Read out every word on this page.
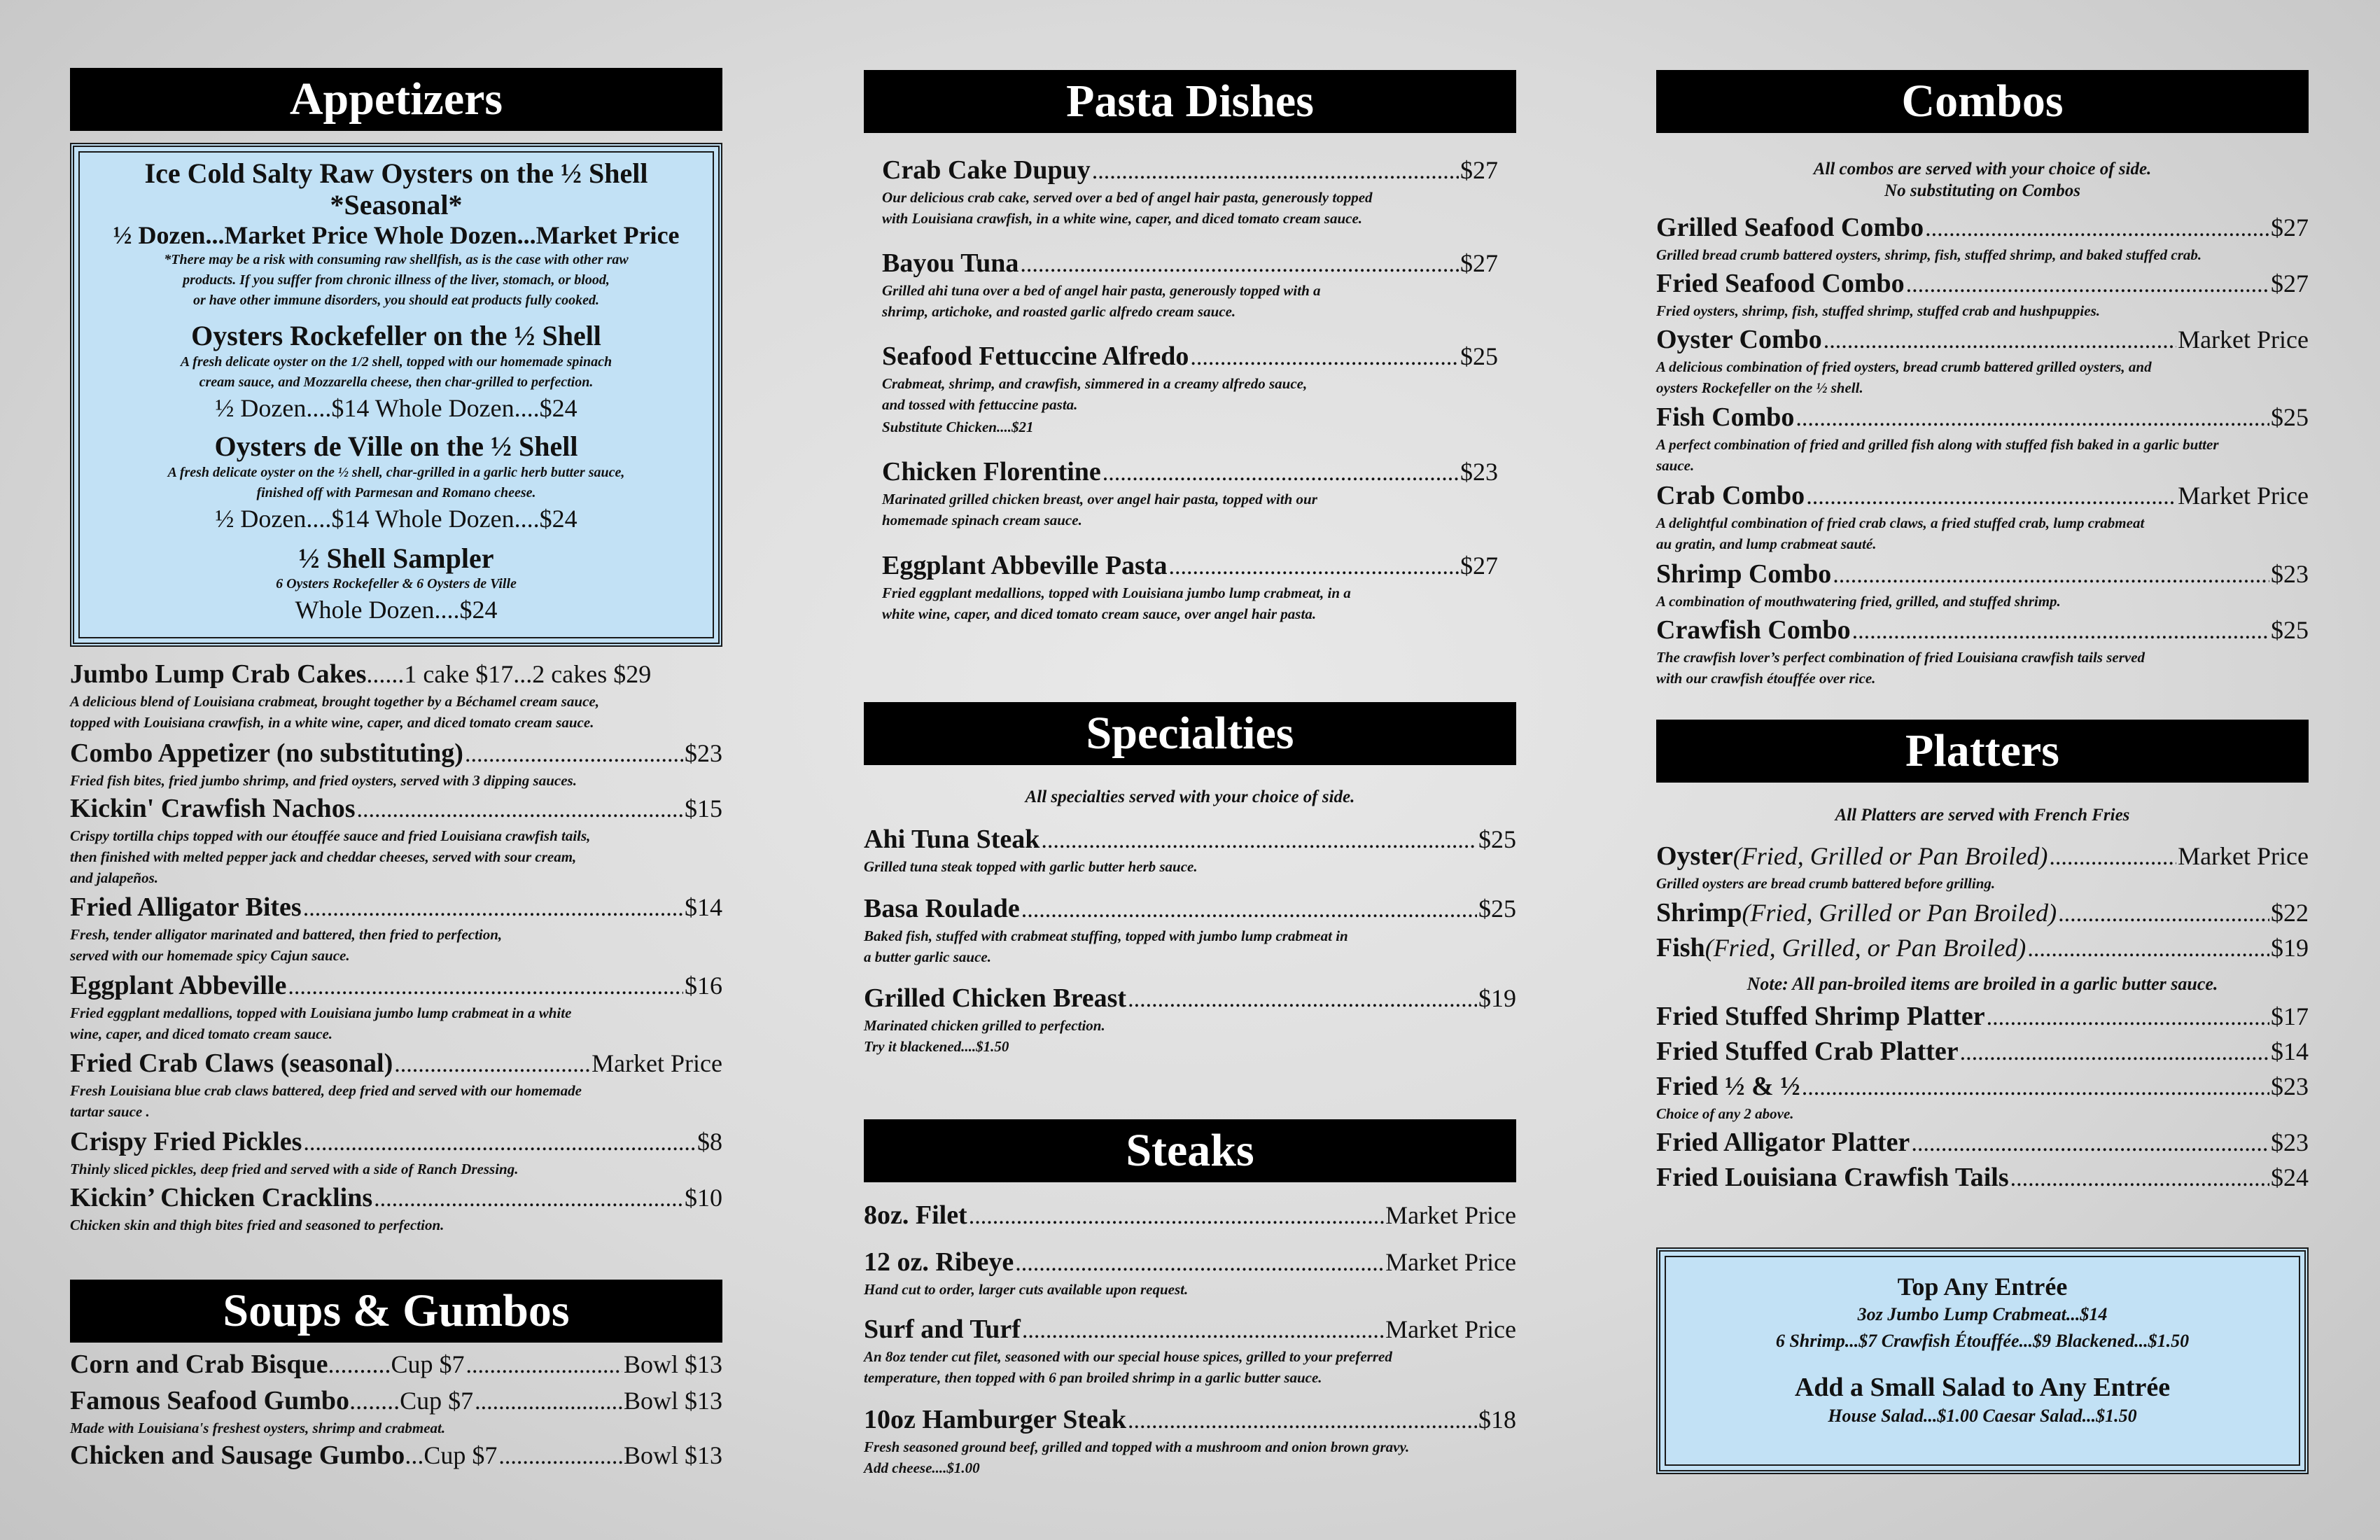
Appetizers
Ice Cold Salty Raw Oysters on the ½ Shell
*Seasonal*
½ Dozen...Market Price Whole Dozen...Market Price
*There may be a risk with consuming raw shellfish, as is the case with other raw
products. If you suffer from chronic illness of the liver, stomach, or blood,
or have other immune disorders, you should eat products fully cooked.
Oysters Rockefeller on the ½ Shell
A fresh delicate oyster on the 1/2 shell, topped with our homemade spinach
cream sauce, and Mozzarella cheese, then char-grilled to perfection.
½ Dozen....$14 Whole Dozen....$24
Oysters de Ville on the ½ Shell
A fresh delicate oyster on the ½ shell, char-grilled in a garlic herb butter sauce,
finished off with Parmesan and Romano cheese.
½ Dozen....$14 Whole Dozen....$24
½ Shell Sampler
6 Oysters Rockefeller & 6 Oysters de Ville
Whole Dozen....$24
Jumbo Lump Crab Cakes ......1 cake $17...2 cakes $29
A delicious blend of Louisiana crabmeat, brought together by a Béchamel cream sauce,
topped with Louisiana crawfish, in a white wine, caper, and diced tomato cream sauce.
Combo Appetizer (no substituting) .....	$23
Fried fish bites, fried jumbo shrimp, and fried oysters, served with 3 dipping sauces.
Kickin' Crawfish Nachos .....	$15
Crispy tortilla chips topped with our étouffée sauce and fried Louisiana crawfish tails,
then finished with melted pepper jack and cheddar cheeses, served with sour cream,
and jalapeños.
Fried Alligator Bites .....	$14
Fresh, tender alligator marinated and battered, then fried to perfection,
served with our homemade spicy Cajun sauce.
Eggplant Abbeville .....	$16
Fried eggplant medallions, topped with Louisiana jumbo lump crabmeat in a white
wine, caper, and diced tomato cream sauce.
Fried Crab Claws (seasonal) .....	Market Price
Fresh Louisiana blue crab claws battered, deep fried and served with our homemade
tartar sauce .
Crispy Fried Pickles .....	$8
Thinly sliced pickles, deep fried and served with a side of Ranch Dressing.
Kickin’ Chicken Cracklins .....	$10
Chicken skin and thigh bites fried and seasoned to perfection.
Soups & Gumbos
Corn and Crab Bisque ..........Cup $7 .....	Bowl $13
Famous Seafood Gumbo ........Cup $7 .....	Bowl $13
Made with Louisiana's freshest oysters, shrimp and crabmeat.
Chicken and Sausage Gumbo ...Cup $7 .....	Bowl $13
Pasta Dishes
Crab Cake Dupuy .....	$27
Our delicious crab cake, served over a bed of angel hair pasta, generously topped
with Louisiana crawfish, in a white wine, caper, and diced tomato cream sauce.
Bayou Tuna .....	$27
Grilled ahi tuna over a bed of angel hair pasta, generously topped with a
shrimp, artichoke, and roasted garlic alfredo cream sauce.
Seafood Fettuccine Alfredo .....	$25
Crabmeat, shrimp, and crawfish, simmered in a creamy alfredo sauce,
and tossed with fettuccine pasta.
Substitute Chicken....$21
Chicken Florentine .....	$23
Marinated grilled chicken breast, over angel hair pasta, topped with our
homemade spinach cream sauce.
Eggplant Abbeville Pasta .....	$27
Fried eggplant medallions, topped with Louisiana jumbo lump crabmeat, in a
white wine, caper, and diced tomato cream sauce, over angel hair pasta.
Specialties
All specialties served with your choice of side.
Ahi Tuna Steak .....	$25
Grilled tuna steak topped with garlic butter herb sauce.
Basa Roulade .....	$25
Baked fish, stuffed with crabmeat stuffing, topped with jumbo lump crabmeat in
a butter garlic sauce.
Grilled Chicken Breast .....	$19
Marinated chicken grilled to perfection.
Try it blackened....$1.50
Steaks
8oz. Filet .....	Market Price
12 oz. Ribeye .....	Market Price
Hand cut to order, larger cuts available upon request.
Surf and Turf .....	Market Price
An 8oz tender cut filet, seasoned with our special house spices, grilled to your preferred
temperature, then topped with 6 pan broiled shrimp in a garlic butter sauce.
10oz Hamburger Steak .....	$18
Fresh seasoned ground beef, grilled and topped with a mushroom and onion brown gravy.
Add cheese....$1.00
Combos
All combos are served with your choice of side.
No substituting on Combos
Grilled Seafood Combo .....	$27
Grilled bread crumb battered oysters, shrimp, fish, stuffed shrimp, and baked stuffed crab.
Fried Seafood Combo .....	$27
Fried oysters, shrimp, fish, stuffed shrimp, stuffed crab and hushpuppies.
Oyster Combo .....	Market Price
A delicious combination of fried oysters, bread crumb battered grilled oysters, and
oysters Rockefeller on the ½ shell.
Fish Combo .....	$25
A perfect combination of fried and grilled fish along with stuffed fish baked in a garlic butter
sauce.
Crab Combo .....	Market Price
A delightful combination of fried crab claws, a fried stuffed crab, lump crabmeat
au gratin, and lump crabmeat sauté.
Shrimp Combo .....	$23
A combination of mouthwatering fried, grilled, and stuffed shrimp.
Crawfish Combo .....	$25
The crawfish lover’s perfect combination of fried Louisiana crawfish tails served
with our crawfish étouffée over rice.
Platters
All Platters are served with French Fries
Oyster (Fried, Grilled or Pan Broiled) .....	Market Price
Grilled oysters are bread crumb battered before grilling.
Shrimp (Fried, Grilled or Pan Broiled) .....	$22
Fish (Fried, Grilled, or Pan Broiled) .....	$19
Note: All pan-broiled items are broiled in a garlic butter sauce.
Fried Stuffed Shrimp Platter .....	$17
Fried Stuffed Crab Platter .....	$14
Fried ½ & ½ .....	$23
Choice of any 2 above.
Fried Alligator Platter .....	$23
Fried Louisiana Crawfish Tails .....	$24
Top Any Entrée
3oz Jumbo Lump Crabmeat...$14
6 Shrimp...$7 Crawfish Étouffée...$9 Blackened...$1.50
Add a Small Salad to Any Entrée
House Salad...$1.00 Caesar Salad...$1.50
